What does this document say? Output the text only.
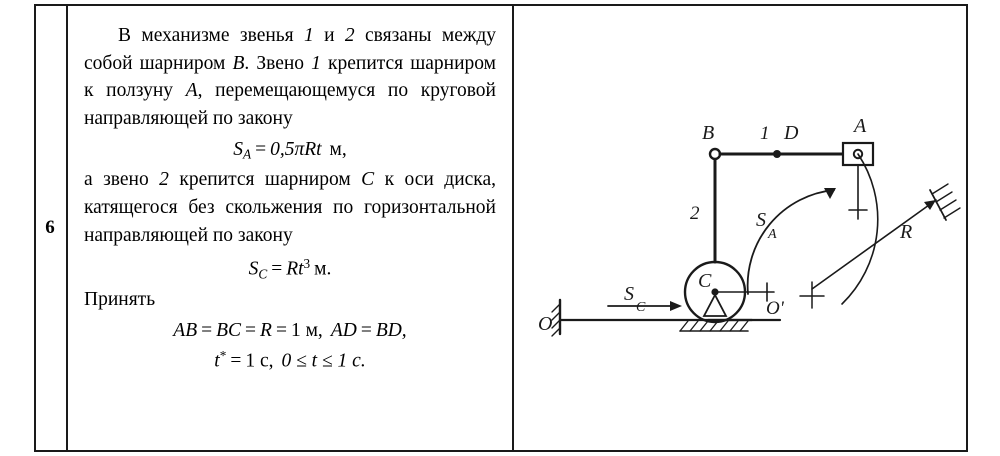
6

В механизме звенья 1 и 2 связаны между собой шарниром B. Звено 1 крепится шарниром к ползуну A, перемещающемуся по круговой направляющей по закону

$S_A = 0,5\pi Rt$ м,

а звено 2 крепится шарниром C к оси диска, катящегося без скольжения по горизонтальной направляющей по закону

$S_C = Rt^3$ м.

Принять

AB = BC = R = 1 м, AD = BD,
t* = 1 с, 0 ≤ t ≤ 1 с.
B 1 D	A
2	S
A	R
C
O
O'
S
C
